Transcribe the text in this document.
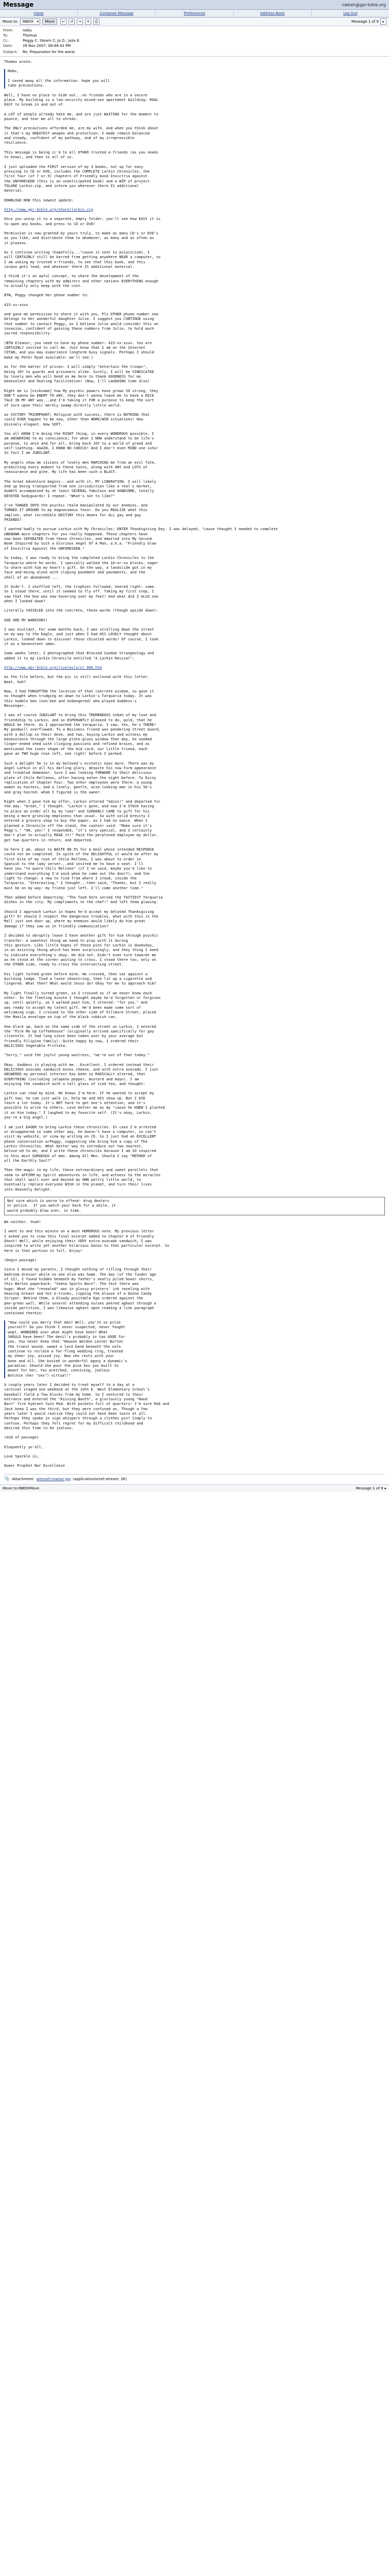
Message	nwbeh@gpr-bible.org
Inbox	Compose Message	Preferences	Address Book	Log Out
Move to:	INBOX ▾	Move	↩	↺	↪	✕	⎙	Message 1 of 9	▸
From:	nobu
To:	Thomas
Cc:	Peggy C. Stearn C; Jo D.; Julie E.
Date:	26 Nov 2007, 08:48:43 PM
Subject:	Re: Preparation for the worst
Thomas wrote:
Nobu,

I saved away all the information: hope you will
take precautions.
Well, I have no place to hide out...no friends who are in a secure
place. My building is a low-security mixed-use apartment building: ROAL
EASY to break in and out of.
A LOT of people already hate me, and are just WAITING for the moment to
pounce, and tear me all to shreds.
The ONLY precautions afforded me, are my wife. And when you think about
it that's my GREATEST weapon and protection. I made remain balanced
and steady, confident of my pathway, and of my irrepressible
resilience.
This message is being cc'd to all OTHER trusted e-friends (as you needs
to know), and then to all of us.
I just uploaded the FIRST version of my 3 books, not up for easy
pressing to CD or DVD, includes the COMPLETE Larkin Chronicles, the
first four (of 7 or 9) chapters of Friendly Good Invictria against
the UNFORESEEN (this is an unanticipated book) and a WIP of project
TOLARE Larkin.zip, and inform you wherever there IS additional
material.
DOWNLOAD NOW this newest update:
http://www.gpr-bible.org/share/larkin.zip
Once you unzip it to a separate, empty folder, you'll see how EASY it is
to open any books, and press to CD or DVD!
Permission is now granted by yours truly, to make as many CD's or DVD's
as you like, and distribute them to whomever, as many and as often as
it pleases.
As I continue writing (hopefully..."cause it sent to pulpitcism), I
will CERTAINLY still be barred from getting anywhere NEAR a computer, so
I am asking my trusted e-friends, to see that this book, and this
corpus gets lead, and whatever there IS additional material.
I think it's an awful concept, to share the development of the
remaining chapters with my admirers and other nations EVERYTHING enough
to actually only keep with the cost.
BTW, Peggy changed her phone number to:
415-xx-xxxx
and gave me permission to share it with you. Pls OTHER phone number now
belongs to her wonderful daughter Julie. I suggest you CONTINUE using
that number to contact Peggy, as I believe Julie would consider this an
invasion, confident of gaining these numbers from Julie, to hold much
sacred responsibility.
(BTW Eleanor, you need to have my phone number: 415-xx-xxxx. You are
CERTAINLY invited to call me. Just know that I am on the Internet
COTAN, and you may experience longterm busy signals. Perhaps I should
make my Peter Ryan available: we'll see.)
As for the matter of prison: I will simply "entertain the troops",
being JOY to guards and prisoners alike. Surely, I will be VINDICATED
by lovely men who will bend on me here to thank GOODNESS for my
benevolent and healing facilitation! (Now, I'll LAUGHING time also)
Right me is [nickname] how My psychic powers have grown SO strong, they
DON'T wanna be ENEMY TO ANY, they don't wanna leave me to have a NICE
TALK IN MY ANY way...and I'm taking it FOR a purpose to keep the sort
of Sara upon their merely swamp directly little world.
as VICTORY TRIUMPHANT; Religion with success, there is NOTHING that
could EVER happen to me now, other than WORK/WIN situations! How
divinely elegant. How SOFT.
You all KNOW I'm doing the RIGHT thing, in every WONDROUS possible, I
am ANSWERING to my conscience; for what I NOW understand to be life's
purpose, to once and for all, bring back JOY to a world of greed and
self-loathing. AGAIN, I KNOW NO CHOICE! And I don't even MIND one iota!
In fact I am JUBILANT.
My angels show me visions of lovely men MARCHING me from an evil fate,
predicting every moment to these twins, along with ANY and LOTS of
reassurance and glee. My life has been such a BLAST.
The Great Adventure begins...and with it, MY LIBERATION. I will likely
end up being transported from one jurisdiction like a real's market,
ALWAYS accompanied by at least SEVERAL fabulous and HANDSOME, totally
DEVOTED bodyguards! I repeat: "What's not to like?"
I've TANGED INTO the psychic realm manipulated by our enemies, and
TURNED IT AROUND to my magnanimous favor. Do you REALIZE what this
implies, what incredible DESTINY this means for ALL gay and gay
FRIENDS?
I wanted badly to pursue Larkin with My Chronicles: ENTER Thanksgiving Day. I was delayed, "cause thought I needed to complete
UNKNOWN more chapters for you really happened. Those chapters have
now been SEPARATED from these Chronicles, and emailed into My Second
Book Inspired by Such a Glorious Angel Of A Man, a.k.a. "Friendly Glow
of Invictria Against the UNFORESEEN."
So today, I was ready to bring the completed Larkin Chronicles to the
Tarquaria where he works. I specially walked the 10-or-so blocks, eager
to share with him my heart's gift. On the way, a landslide got in my
face and-being alone with sloping pavement and pavements, and the
shell of an abandoned ...
It didn't. I shuffled left, the trophies followed. Veered right: same.
So I stood there, until it seemed to fly off. Taking my first step, I
saw that the bee was now hovering over my feet! And what did I ALSO see
when I looked down?
Literally CHISELED into the concrete, these words (though upside down):
GOD ARE MY WARRIORS!
I was exultant. For some months back, I was strolling down the street
on my way to the Eagle, and just when I had HIS LOVELY thought about
Larkin, looked down to discover those chiseled words! Of course, I took
it as a benevolent omen.
Some weeks later, I photographed that Blessed Sundae Strangeology and
added it to my Larkin Chronicle entitled "A Larkin Revival":
http://www.gpr-bible.org/rivetasle/LC_006.htm
As the file before, but the pic is still enclosed with this letter.
Neat, huh?
Now, I had FORGOTTEN the location of that concrete wisdom, so gave it
no thought when trudging on down to Larkin's Tarquaria today. It was
this humble bee (non-bee and endangered) who played Goddess's
Messenger.
I was of course JUBILANT to bring this TREMENDOUS token of my love and
friendship to Larkin, and so ESPERANTLY pleased to do, gold, that he
WOULD be there. As I approached the tarquaria, I saw: Yes, he's THERE!
My goodwill overflowed: To a Business friend was pondering Street Guard,
with a dollop in their desk, and two, buying Larkin and witness my
benevolence through the large plate-glass window that day, he seemed
linger-ended shed with clinging passions and refined brains, and as
mentioned the inner shape of the bid card, our little friend, each
gave an TWO huge rose left, one right! before I parked.
Such a delight he is in my beloved's ecstatic eyes more. There was my
Angel Larkin in all his darling glory, despite his now-form appearance
and troubled demeanor. Sure I was looking FORWARD to their delicious
plate of Chile Rellenos, after having eaten the night before. To Excoy
replication of Chapter Four. Two other employees were there: a young
women as hostess, and a lovely, gentle, wise-looking man in his 50's
and gray haired: whom I figured is the owner.
Right when I gave him my offer, Larkin uttered "Adios!" and departed for
the day. "Great," I thought. "Larkin's gone, and now I'm STUCK having
to place an order all by my lone" and SUDDENLY CAME to gift for his
being a more grieving emptiness than usual. So with solid brevity I
entered a grocery shop to buy the paper, as I had no ounce. When I
planned a Chronicle off the stand, the cashier said: "Make sure it's
Pegg's." "OH, yes!" I responded, "it's very special, and I certainly
don't plan to actually READ it!" Paid the perplexed employee my dollar,
got two quarters in return, and departed.
So here I am, about to WASTE 80.5% for a meal whose intended RESPONSE
could not be completed. In spite of the DELIGHTFUL it would be after my
first bite of my rose of Chile Relleno, I was about to order in
Spanish to the lady server...and invited me to have a seat. I'll
have you "Yo quero Chili Relleno" (if I've said, maybe you'd like to
understand everything I'd said when he came out the door?), and the
light to change: a new to find from where I stood, inside the
Tarquaria. "Interesting," I thought...then said, "Thanks, but I really
must be on my way: my friend just left. I'll come another time."
Then added before departing: "The food here served the TASTIEST Tarquaria
dishes in the city. My compliments to the chef!" And left them glowing.
Should I approach Larkin in hopes he'd accept my belated Thanksgiving
gift? Or should I respect the dangerous troubles, what with this in the
Mall just one door up, where my enemies would likely do him great
damage if they saw us in friendly communication?
I decided to abruptly leave I have another gift for him through psychic
transfer: a sweetest thing we need to play with it during
this gesture. Like little hopes of those pins for Larkin is doomsday,
in an existing thing which has been surprisingly, and they thing I need
to indicate everything's okay. He did not. Didn't even turn towards me
as he stood at the corner waiting to cross. I stood there too, only on
the OTHER side, ready to cross the intersecting street.
His light turned green before mine. He crossed, then sat against a
building ledge. Tied a loose shoestring, then lit up a cigarette and
lingered. What then? What would Jesus do? Okay for me to approach him?
My light finally turned green, so I crossed as if we never knew each
other. In the fleeting minute I thought maybe he'd forgotten or forgiven
up, until quietly, as I walked past him, I uttered: "for you." And
was ready to accept my latest gift. He'd been made some sort of
welcoming sign. I crossed to the other side of Fillmore Street, placed
the Manila envelope on top of the black rubbish can.
One block up, back on the same side of the street as Larkin, I entered
the "Pick Me Up Coffeehouse" (originally arrived specifically for gay
clientele. It had long since been taken over by your average but
friendly Filipino family). Quite happy by now, I ordered their
DELICIOUS Vegetable Frittata.
"Sorry," said the joyful young waitress, "we're out of that today."
Okay. Goddess is playing with me...Excellent. I ordered instead their
DELICIOUS avocado sandwich minus cheese, and with extra avocado. I just
ANSWERED my personal interest has been so RADICALLY altered, that
EVERYTHING (including jalapeno pepper, mustard and mayo). I am
enjoying the sandwich with a tall glass of iced tea, and thought:
Larkin can read my mind. He knows I'm here. If he wanted to accept my
gift now, he can just walk in, help me and HIS show up. But I DID
learn a lot today. It's NOT hard to get one's attention, and it's
possible to write to others. Love better me as my "cause he KNEW I planted
it on him today." I laughed to my favorite self. (It's okay, Larkin,
you're a big angel.)
I am just EAGER to bring Larkin these chronicles. In case I'm arrested
or disappeared in some other way, he doesn't have a computer, so can't
visit my website, or view my writing on CD. So I just had an EXCELLENT
phone conversation w/Peggy, suggesting she bring him a copy of The
Larkin Chronicles. What better way to introduce our two nearest,
belove-ed to me, and I write these chronicles because I am SO inspired
to this most GORGEOUS of men. Among All Men. Should I say "MOTHER of
all the Earthly Soul?"
Then the magic in my life, these extraordinary and sweet parallels that
seem to AFFIRM my Spirit adventures in life, and witness to the miracles
that shall spill over and beyond my OWN paltry little world, to
eventually replace everyone WISH in the planet, and turn their lives
into Heavenly Delight.
Not sure which is worse to offend- drug dealers
or police.  If you watch your back for a while, it
would probably blow over, in time.
We neither. Yeah!
I went to and this minute on a most HUMOROUS note. My previous letter
I asked you to view this final excerpt added to Chapter 4 of Friendly
Ghost! Well, while enjoying their VERY extra-avocado sandwich, I was
inspired to write yet another hilarious bonus to that particular excerpt. So
here is that portion in full. Enjoy!
(begin passage)
Since I moved my parents, I thought nothing of rifling through their
bedroom dresser while no one else was home. The day (of the funder age
of 12), I found hidden beneath my father's neatly piled boxer shorts,
this Barton paperback: "Veena Sports Barn". The text there was
huge: What she "revealed" was in glossy printers' ink reveling with
heaving breast and hot e-trunks, ripping the blouse of a Dunne Candy
Striper. Behind them, a bloody positable Ego ordered against the
pee-green wall. While several attending nurses peered aghast through a
inside partition, I was likewise aghast upon reading a line paragraph
contained therein:
"How could you marry that man? Well, you're so prize
yourself! Do you think I never suspected, never fought
wept, WONDERED over what might have been? What
SHOULD have been? The devil's probably in too GOOD for
you. You never knew that "Hewson Waldon Lester Burton
the truest wound, swept a lard band beneath the sofa
continue to reclaim a far-flung wedding ring, treated
my sheer joy, pissed joy. Now she rests with your
bone and all. She busied in wonderful agony a dynamic's
paradise: Should she pour the pine box you built to
meant for her, You wretched, conniving, jealous
Botchie (her "sex") virtual!"
A couple years later I decided to treat myself to a day at a
carnival staged one weekend at the John E. West Elementary School's
baseball field a few blocks from my home. So I ventured to their
entrance and entered the "Kissing Booth", a gloriously young "Hand
Barn" fire hydrant twin Red. With pockets full of quarters! I'm sure Rob and
Jack knew I was the third, but they were confused as, Though a few
years later I would realize they could not have been twins at all.
Perhaps they spoke in sign whispers through a clothes pin? Simply to
confuse. Perhaps they felt regret for my difficult childhood and
desired this time to be jealous.
(end of passage)
Eloquently yo'all,
Love Sparkle in,
Queer Prophet Nar Excellence
📎 Attachment: wiresall-nowise.jpg (application/octet-stream, 2K)
Move to: INBOX Move	Message 1 of 9 ▸
